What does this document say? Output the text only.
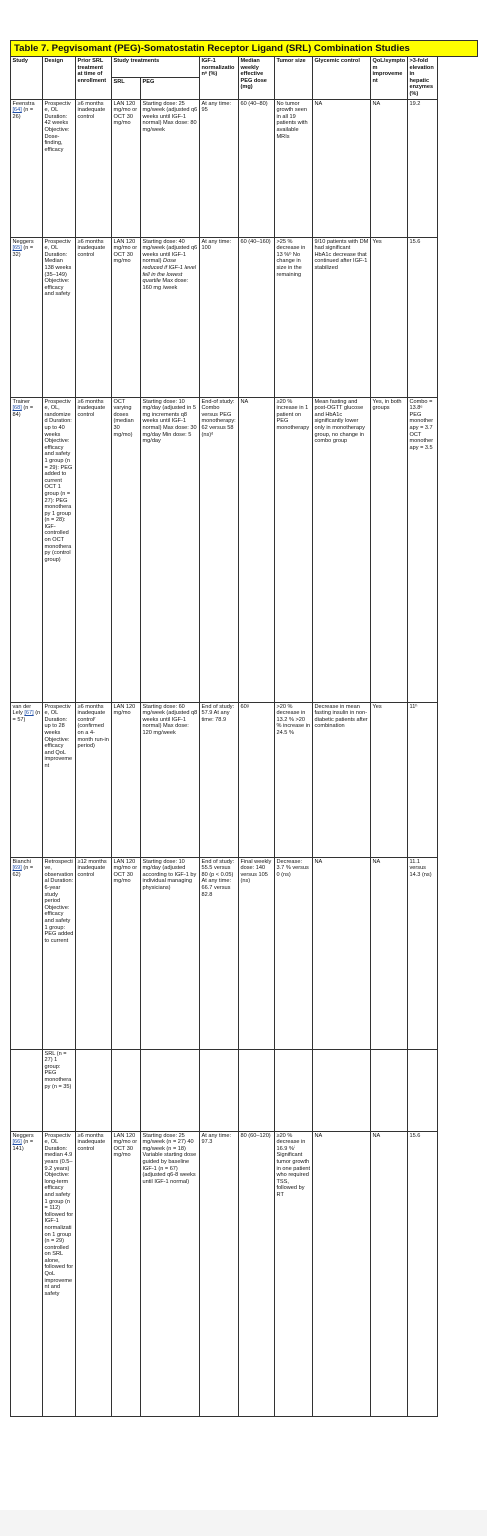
Table 7. Pegvisomant (PEG)-Somatostatin Receptor Ligand (SRL) Combination Studies										
Study	Design	Prior SRL treatment at time of enrollment	Study treatments		IGF-1 normalizationᵃ (%)	Median weekly effective PEG dose (mg)	Tumor size	Glycemic control	QoL/symptom improvement	>3-fold elevation in hepatic enzymes (%)
			SRL	PEG						
Feenstra [64] (n = 26)	Prospective, OL Duration: 42 weeks Objective: Dose-finding, efficacy	≥6 months inadequate control	LAN 120 mg/mo or OCT 30 mg/mo	Starting dose: 25 mg/week (adjusted q6 weeks until IGF-1 normal) Max dose: 80 mg/week	At any time: 95	60 (40–80)	No tumor growth seen in all 19 patients with available MRIs	NA	NA	19.2
Neggers [65] (n = 32)	Prospective, OL Duration: Median 138 weeks (35–149) Objective: efficacy and safety	≥6 months inadequate control	LAN 120 mg/mo or OCT 30 mg/mo	Starting dose: 40 mg/week (adjusted q6 weeks until IGF-1 normal) Dose reduced if IGF-1 level fell in the lowest quartile Max dose: 160 mg /week	At any time: 100	60 (40–160)	>25 % decrease in 13 %ᵇ No change in size in the remaining	9/10 patients with DM had significant HbA1c decrease that continued after IGF-1 stabilized	Yes	15.6
Trainer [68] (n = 84)	Prospective, OL, randomized Duration: up to 40 weeks Objective: efficacy and safety 1 group (n = 29): PEG added to current OCT 1 group (n = 27): PEG monotherapy 1 group (n = 28): IGF-controlled on OCT monotherapy (control group)	≥6 months inadequate control	OCT varying doses (median 30 mg/mo)	Starting dose: 10 mg/day (adjusted in 5 mg increments q8 weeks until IGF-1 normal) Max dose: 30 mg/day Min dose: 5 mg/day	End-of study: Combo versus PEG monotherapy: 62 versus 58 (ns)ᵈ	NA	≥20 % increase in 1 patient on PEG monotherapy	Mean fasting and post-OGTT glucose and HbA1c significantly lower only in monotherapy group, no change in combo group	Yes, in both groups	Combo = 13.8ᵉ PEG monotherapy = 3.7 OCT monotherapy = 3.5
van der Lely [67] (n = 57)	Prospective, OL Duration: up to 28 weeks Objective: efficacy and QoL improvement	≥6 months inadequate controlᶠ (confirmed on a 4-month run-in period)	LAN 120 mg/mo	Starting dose: 60 mg/week (adjusted q8 weeks until IGF-1 normal) Max dose: 120 mg/week	End of study: 57.9 At any time: 78.9	60ᵍ	>20 % decrease in 13.2 % >20 % increase in 24.5 %	Decrease in mean fasting insulin in non-diabetic patients after combination	Yes	11ʰ
Bianchi [69] (n = 62)	Retrospective, observational Duration: 6-year study period Objective: efficacy and safety 1 group: PEG added to current	≥12 months inadequate control	LAN 120 mg/mo or OCT 30 mg/mo	Starting dose: 10 mg/day (adjusted according to IGF-1 by individual managing physicians)	End of study: 55.5 versus 80 (p < 0.05) At any time: 66.7 versus 82.8	Final weekly dose: 140 versus 105 (ns)	Decrease: 3.7 % versus 0 (ns)	NA	NA	11.1 versus 14.3 (ns)
	SRL (n = 27) 1 group: PEG monotherapy (n = 35)									
Neggers [66] (n = 141)	Prospective, OL Duration: median 4.9 years (0.5–9.2 years) Objective: long-term efficacy and safety 1 group (n = 112) followed for IGF-1 normalization 1 group (n = 29) controlled on SRL alone, followed for QoL improvement and safety	≥6 months inadequate control	LAN 120 mg/mo or OCT 30 mg/mo	Starting dose: 25 mg/week (n = 27) 40 mg/week (n = 18) Variable starting dose guided by baseline IGF-1 (n = 67) (adjusted q6-8 weeks until IGF-1 normal)	At any time: 97.3	80 (60–120)	≥20 % decrease in 16.9 %ⁱ Significant tumor growth in one patient who required TSS, followed by RT	NA	NA	15.6
